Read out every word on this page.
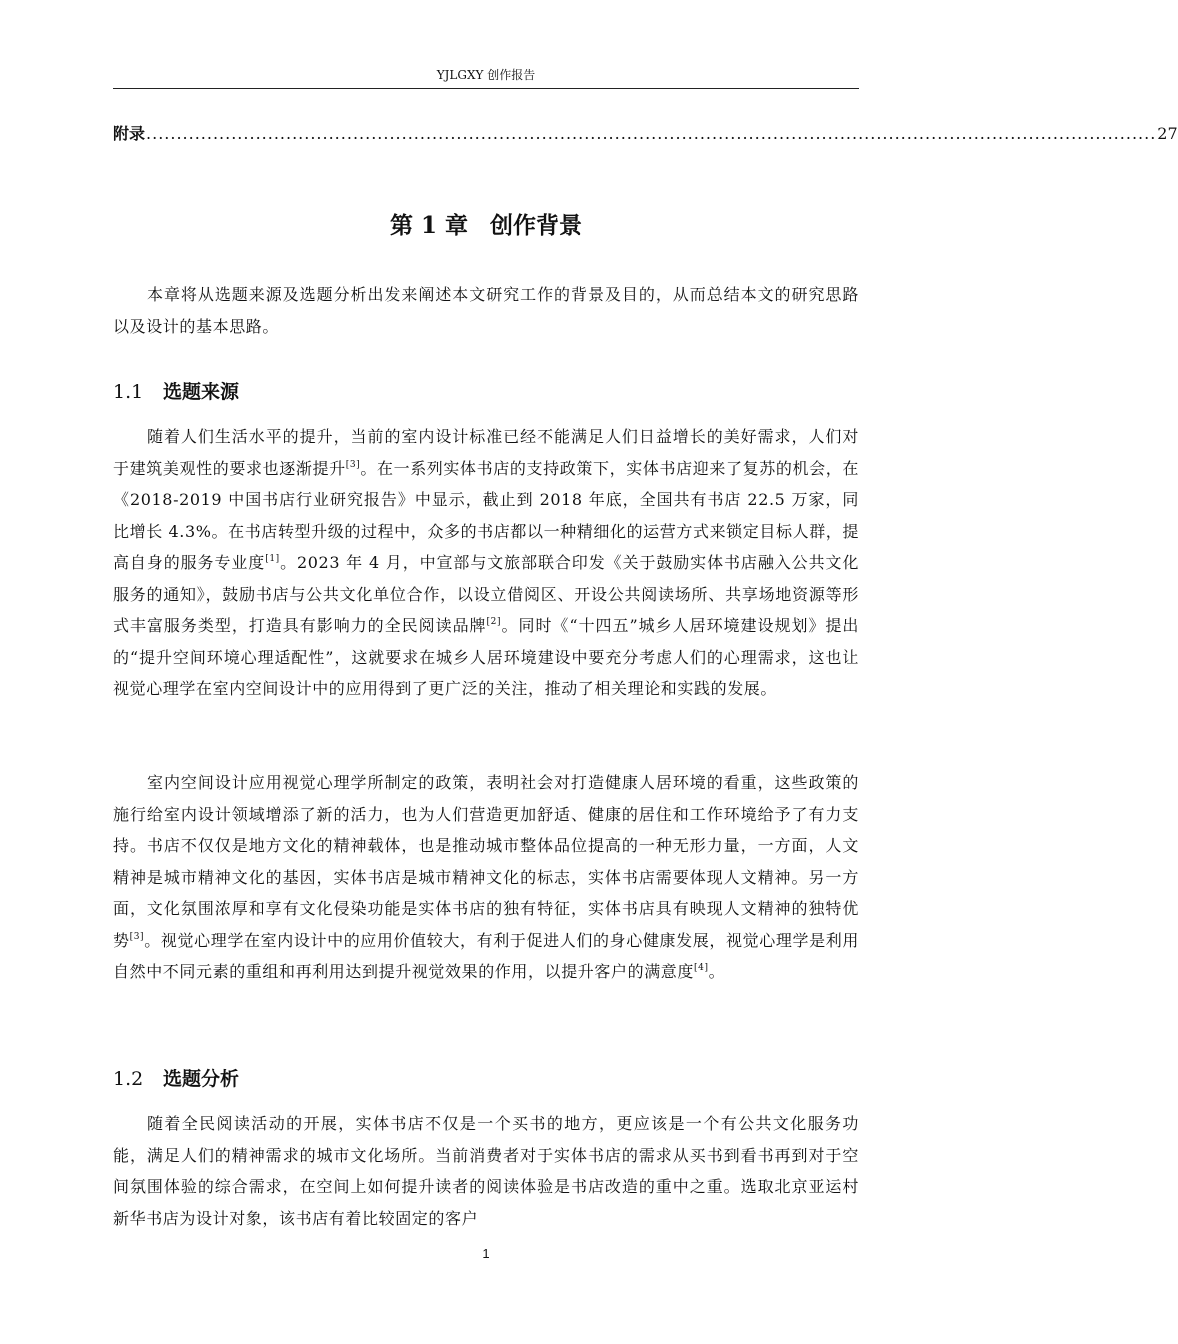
YJLGXY 创作报告
附录 ...................................................................................................................................................................... 27
第 1 章 创作背景

本章将从选题来源及选题分析出发来阐述本文研究工作的背景及目的，从而总结本文的研究思路以及设计的基本思路。

1.1 选题来源

随着人们生活水平的提升，当前的室内设计标准已经不能满足人们日益增长的美好需求，人们对于建筑美观性的要求也逐渐提升[3]。在一系列实体书店的支持政策下，实体书店迎来了复苏的机会，在《2018-2019 中国书店行业研究报告》中显示，截止到 2018 年底，全国共有书店 22.5 万家，同比增长 4.3%。在书店转型升级的过程中，众多的书店都以一种精细化的运营方式来锁定目标人群，提高自身的服务专业度[1]。2023 年 4 月，中宣部与文旅部联合印发《关于鼓励实体书店融入公共文化服务的通知》，鼓励书店与公共文化单位合作，以设立借阅区、开设公共阅读场所、共享场地资源等形式丰富服务类型，打造具有影响力的全民阅读品牌[2]。同时《“十四五”城乡人居环境建设规划》提出的“提升空间环境心理适配性”，这就要求在城乡人居环境建设中要充分考虑人们的心理需求，这也让视觉心理学在室内空间设计中的应用得到了更广泛的关注，推动了相关理论和实践的发展。

室内空间设计应用视觉心理学所制定的政策，表明社会对打造健康人居环境的看重，这些政策的施行给室内设计领域增添了新的活力，也为人们营造更加舒适、健康的居住和工作环境给予了有力支持。书店不仅仅是地方文化的精神载体，也是推动城市整体品位提高的一种无形力量，一方面，人文精神是城市精神文化的基因，实体书店是城市精神文化的标志，实体书店需要体现人文精神。另一方面，文化氛围浓厚和享有文化侵染功能是实体书店的独有特征，实体书店具有映现人文精神的独特优势[3]。视觉心理学在室内设计中的应用价值较大，有利于促进人们的身心健康发展，视觉心理学是利用自然中不同元素的重组和再利用达到提升视觉效果的作用，以提升客户的满意度[4]。

1.2 选题分析

随着全民阅读活动的开展，实体书店不仅是一个买书的地方，更应该是一个有公共文化服务功能，满足人们的精神需求的城市文化场所。当前消费者对于实体书店的需求从买书到看书再到对于空间氛围体验的综合需求，在空间上如何提升读者的阅读体验是书店改造的重中之重。选取北京亚运村新华书店为设计对象，该书店有着比较固定的客户

1
